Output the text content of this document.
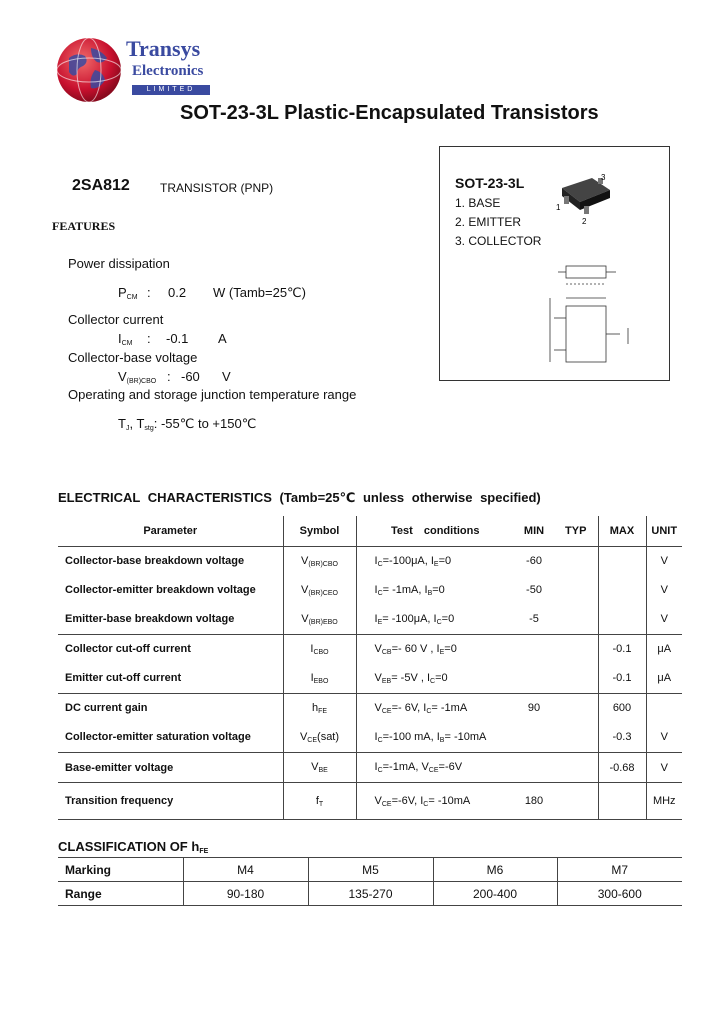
Transys
Electronics
LIMITED
SOT-23-3L Plastic-Encapsulated Transistors
SOT-23-3L
1. BASE
2. EMITTER
3. COLLECTOR
1
2
3
2SA812	TRANSISTOR (PNP)
FEATURES
Power dissipation
$P_{CM}$ : 0.2 W (Tamb=25℃)
Collector current
$I_{CM}$ : -0.1 A
Collector-base voltage
$V_{(BR)CBO}$ : -60 V
Operating and storage junction temperature range
$T_J$, $T_{stg}$: -55℃ to +150℃
ELECTRICAL CHARACTERISTICS (Tamb=25℃ unless otherwise specified)
Parameter	Symbol	Test conditions	MIN	TYP	MAX	UNIT
Collector-base breakdown voltage	$V_{(BR)CBO}$	$I_C=-100\mu A$, $I_E=0$	-60			V
Collector-emitter breakdown voltage	$V_{(BR)CEO}$	$I_C= -1mA$, $I_B=0$	-50			V
Emitter-base breakdown voltage	$V_{(BR)EBO}$	$I_E= -100\mu A$, $I_C=0$	-5			V
Collector cut-off current	$I_{CBO}$	$V_{CB}=-$ 60 V , $I_E=0$			-0.1	μA
Emitter cut-off current	$I_{EBO}$	$V_{EB}= -5V$ , $I_C=0$			-0.1	μA
DC current gain	$h_{FE}$	$V_{CE}=-$ 6V, $I_C= -1mA$	90		600	
Collector-emitter saturation voltage	$V_{CE}(sat)$	$I_C=-100$ mA, $I_B= -10mA$			-0.3	V
Base-emitter voltage	$V_{BE}$	$I_C=-1mA$, $V_{CE}=-6V$			-0.68	V
Transition frequency	$f_T$	$V_{CE}=-6V$, $I_C= -10mA$	180			MHz
CLASSIFICATION OF $h_{FE}$
Marking	M4	M5	M6	M7
Range	90-180	135-270	200-400	300-600
